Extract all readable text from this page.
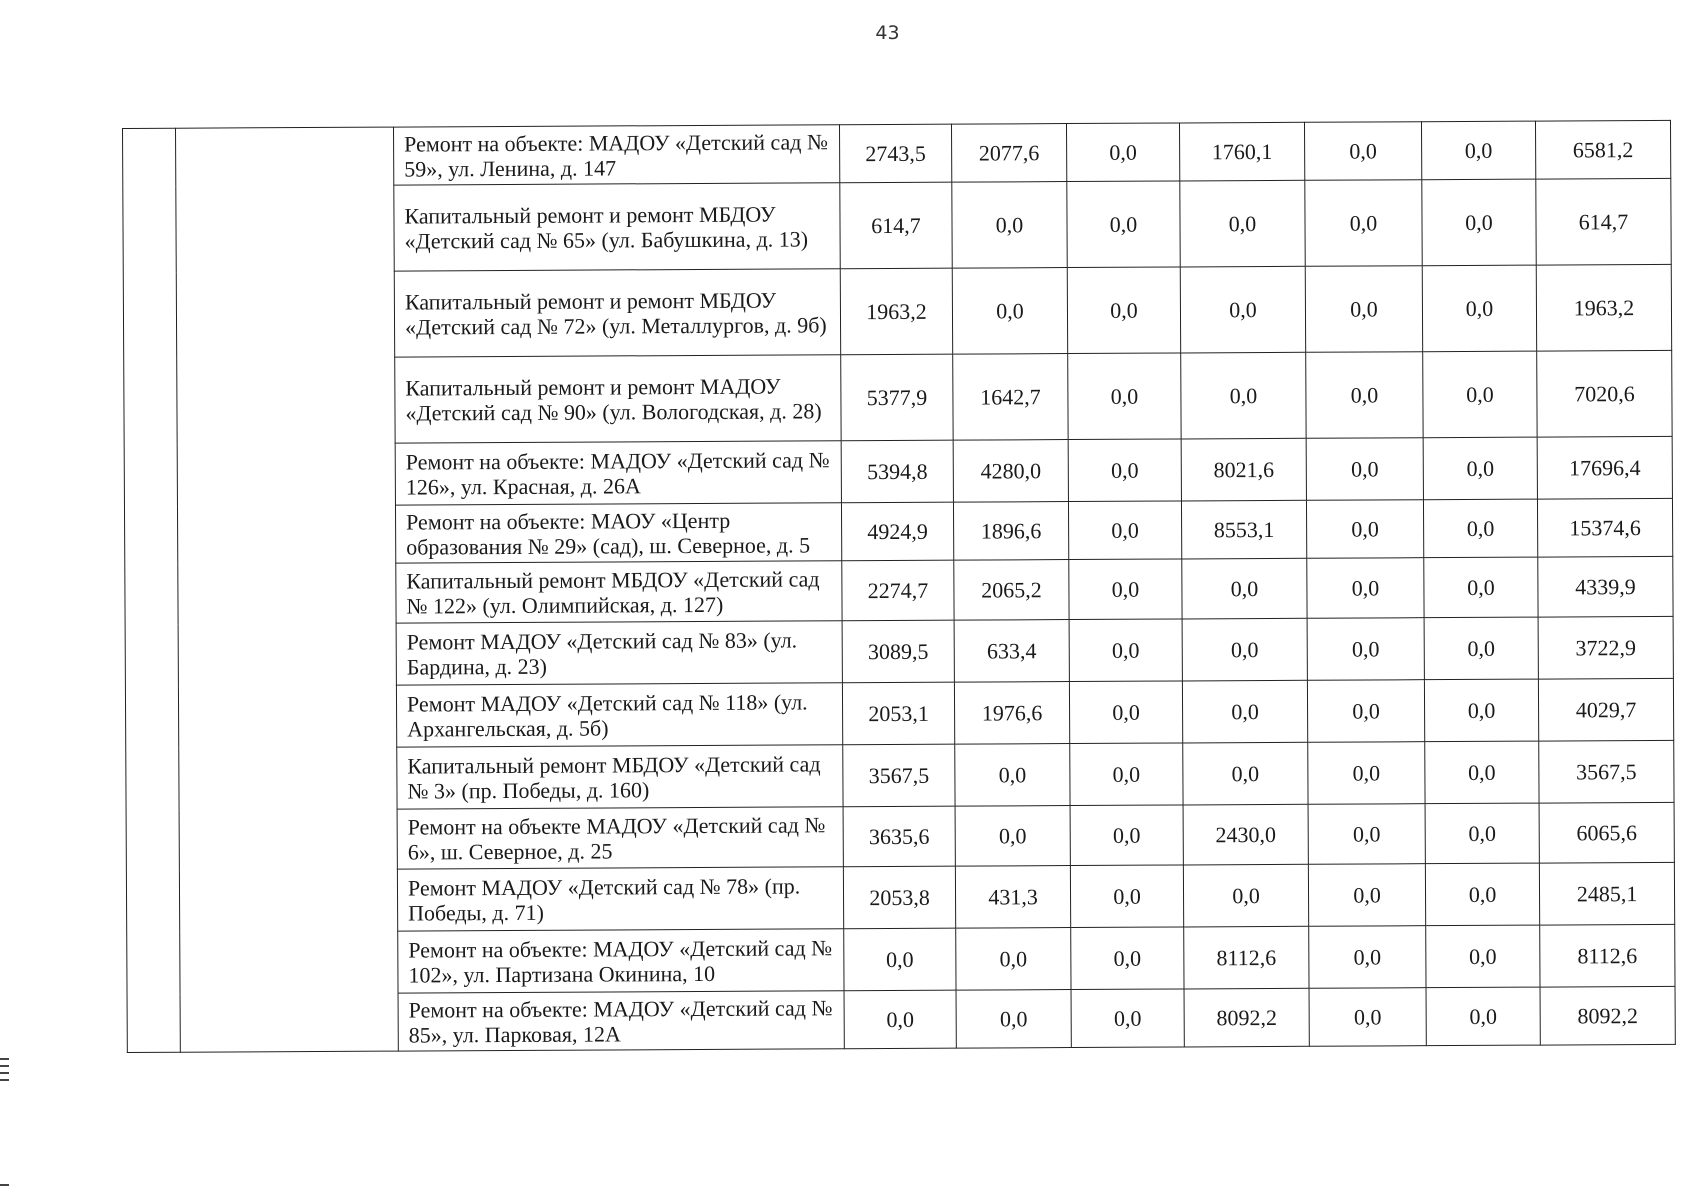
43
		Ремонт на объекте: МАДОУ «Детский сад № 59», ул. Ленина, д. 147	2743,5	2077,6	0,0	1760,1	0,0	0,0	6581,2
		Капитальный ремонт и ремонт МБДОУ «Детский сад № 65» (ул. Бабушкина, д. 13)	614,7	0,0	0,0	0,0	0,0	0,0	614,7
		Капитальный ремонт и ремонт МБДОУ «Детский сад № 72» (ул. Металлургов, д. 9б)	1963,2	0,0	0,0	0,0	0,0	0,0	1963,2
		Капитальный ремонт и ремонт МАДОУ «Детский сад № 90» (ул. Вологодская, д. 28)	5377,9	1642,7	0,0	0,0	0,0	0,0	7020,6
		Ремонт на объекте: МАДОУ «Детский сад № 126», ул. Красная, д. 26А	5394,8	4280,0	0,0	8021,6	0,0	0,0	17696,4
		Ремонт на объекте: МАОУ «Центр образования № 29» (сад), ш. Северное, д. 5	4924,9	1896,6	0,0	8553,1	0,0	0,0	15374,6
		Капитальный ремонт МБДОУ «Детский сад № 122» (ул. Олимпийская, д. 127)	2274,7	2065,2	0,0	0,0	0,0	0,0	4339,9
		Ремонт МАДОУ «Детский сад № 83» (ул. Бардина, д. 23)	3089,5	633,4	0,0	0,0	0,0	0,0	3722,9
		Ремонт МАДОУ «Детский сад № 118» (ул. Архангельская, д. 5б)	2053,1	1976,6	0,0	0,0	0,0	0,0	4029,7
		Капитальный ремонт МБДОУ «Детский сад № 3» (пр. Победы, д. 160)	3567,5	0,0	0,0	0,0	0,0	0,0	3567,5
		Ремонт на объекте МАДОУ «Детский сад № 6», ш. Северное, д. 25	3635,6	0,0	0,0	2430,0	0,0	0,0	6065,6
		Ремонт МАДОУ «Детский сад № 78» (пр. Победы, д. 71)	2053,8	431,3	0,0	0,0	0,0	0,0	2485,1
		Ремонт на объекте: МАДОУ «Детский сад № 102», ул. Партизана Окинина, 10	0,0	0,0	0,0	8112,6	0,0	0,0	8112,6
		Ремонт на объекте: МАДОУ «Детский сад № 85», ул. Парковая, 12А	0,0	0,0	0,0	8092,2	0,0	0,0	8092,2
